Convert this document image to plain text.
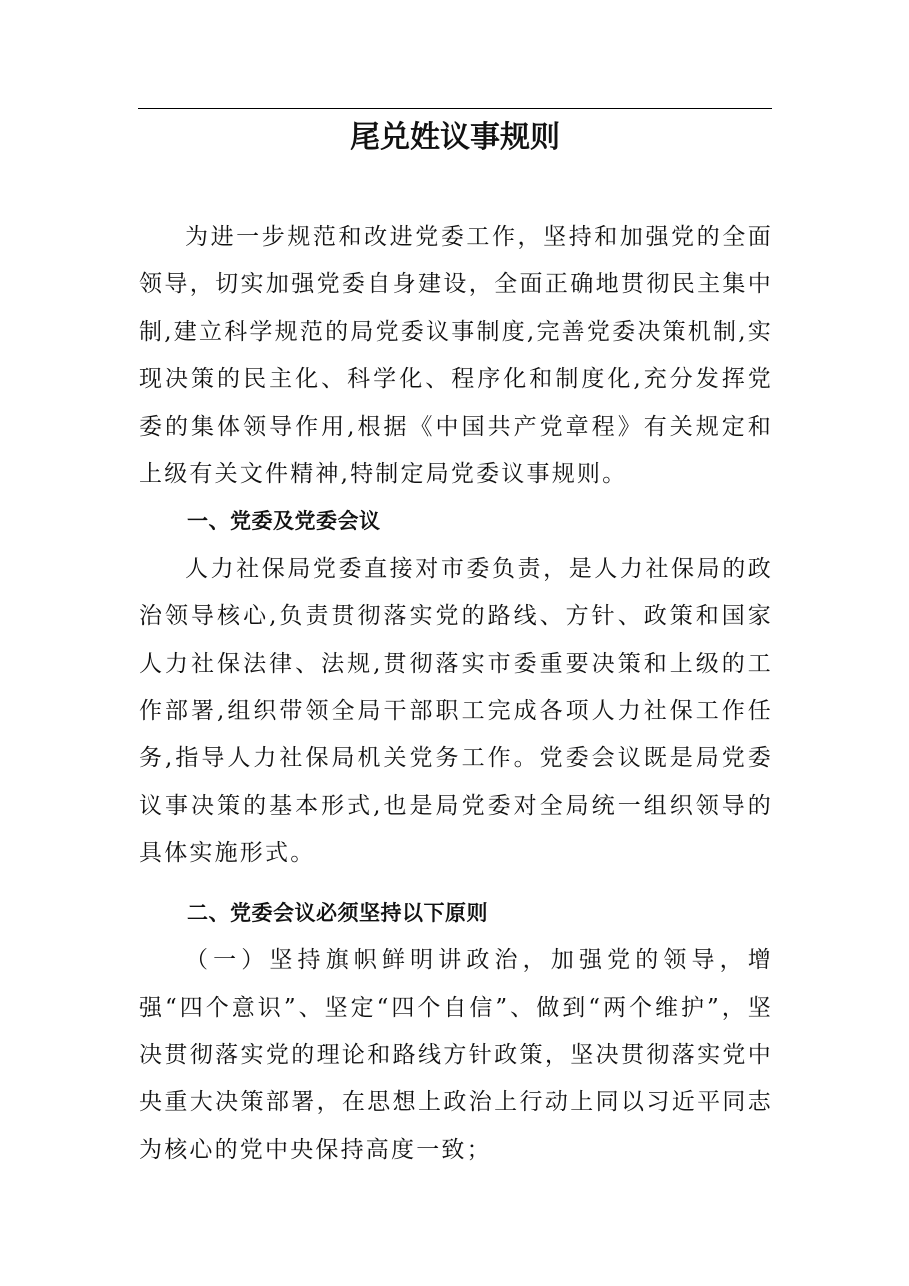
尾兑姓议事规则

为进一步规范和改进党委工作，坚持和加强党的全面领导，切实加强党委自身建设，全面正确地贯彻民主集中制,建立科学规范的局党委议事制度,完善党委决策机制,实现决策的民主化、科学化、程序化和制度化,充分发挥党委的集体领导作用,根据《中国共产党章程》有关规定和上级有关文件精神,特制定局党委议事规则。

一、党委及党委会议

人力社保局党委直接对市委负责，是人力社保局的政治领导核心,负责贯彻落实党的路线、方针、政策和国家人力社保法律、法规,贯彻落实市委重要决策和上级的工作部署,组织带领全局干部职工完成各项人力社保工作任务,指导人力社保局机关党务工作。党委会议既是局党委议事决策的基本形式,也是局党委对全局统一组织领导的具体实施形式。

二、党委会议必须坚持以下原则

（一）坚持旗帜鲜明讲政治，加强党的领导，增强“四个意识”、坚定“四个自信”、做到“两个维护”，坚决贯彻落实党的理论和路线方针政策，坚决贯彻落实党中央重大决策部署，在思想上政治上行动上同以习近平同志为核心的党中央保持高度一致；
